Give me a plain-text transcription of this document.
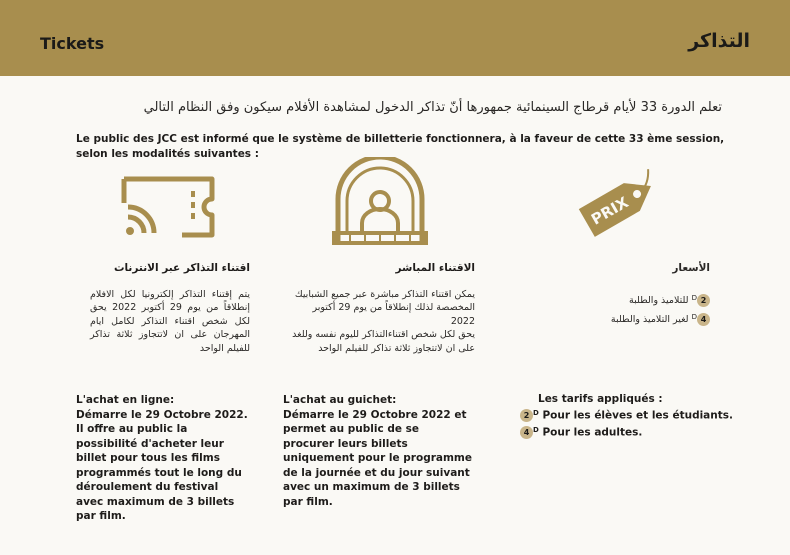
Tickets	التذاكر
تعلم الدورة 33 لأيام قرطاج السينمائية جمهورها أنّ تذاكر الدخول لمشاهدة الأفلام سيكون وفق النظام التالي
Le public des JCC est informé que le système de billetterie fonctionnera, à la faveur de cette 33 ème session, selon les modalités suivantes :
PRIX
اقتناء التذاكر عبر الانترنات
يتم إقتناء التذاكر إلكترونيا لكل الافلام إنطلاقاً من يوم 29 أكتوبر 2022 يحق لكل شخص اقتناء التذاكر لكامل ايام المهرجان على ان لاتتجاوز ثلاثة تذاكر للفيلم الواحد
الاقتناء المباشر
يمكن اقتناء التذاكر مباشرة عبر جميع الشبابيك المخصصة لذلك إنطلاقاً من يوم 29 أكتوبر 2022
يحق لكل شخص اقتناءالتذاكر لليوم نفسه وللغد على ان لاتتجاوز ثلاثة تذاكر للفيلم الواحد
الأسعار
$2^D$ للتلاميذ والطلبة
$4^D$ لغير التلاميذ والطلبة
L'achat en ligne:
Démarre le 29 Octobre 2022. Il offre au public la possibilité d'acheter leur billet pour tous les films programmés tout le long du déroulement du festival avec maximum de 3 billets par film.
L'achat au guichet:
Démarre le 29 Octobre 2022 et permet au public de se procurer leurs billets uniquement pour le programme de la journée et du jour suivant avec un maximum de 3 billets par film.
Les tarifs appliqués :
2 $^D$ Pour les élèves et les étudiants.
4 $^D$ Pour les adultes.
